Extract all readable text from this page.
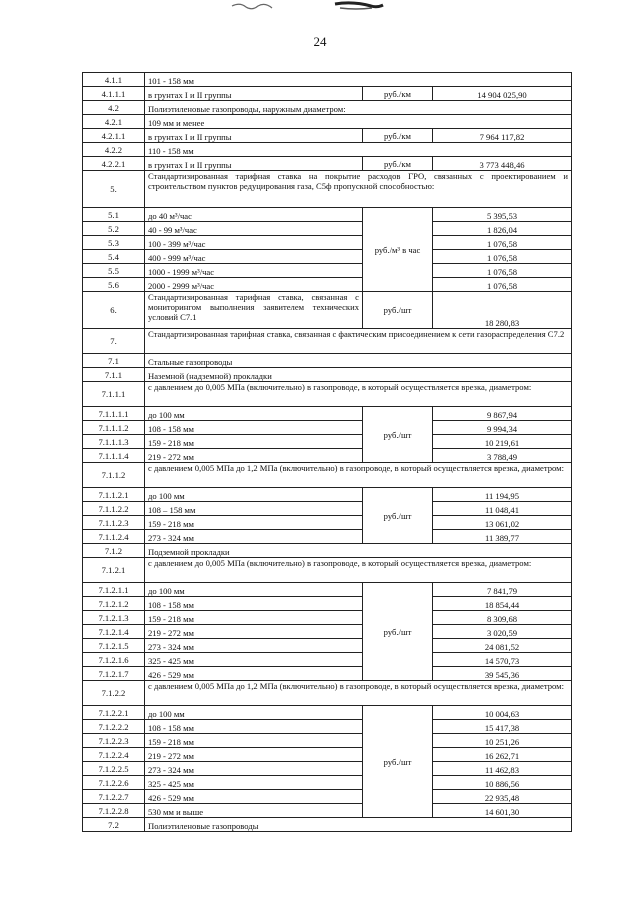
24
4.1.1	101 - 158 мм		
4.1.1.1	в грунтах I и II группы	руб./км	14 904 025,90
4.2	Полиэтиленовые газопроводы, наружным диаметром:		
4.2.1	109 мм и менее		
4.2.1.1	в грунтах I и II группы	руб./км	7 964 117,82
4.2.2	110 - 158 мм		
4.2.2.1	в грунтах I и II группы	руб./км	3 773 448,46
5.	Стандартизированная тарифная ставка на покрытие расходов ГРО, связанных с проектированием и строительством пунктов редуцирования газа, С5ф пропускной способностью:		
5.1	до 40 м³/час	руб./м³ в час	5 395,53
5.2	40 - 99 м³/час		1 826,04
5.3	100 - 399 м³/час		1 076,58
5.4	400 - 999 м³/час		1 076,58
5.5	1000 - 1999 м³/час		1 076,58
5.6	2000 - 2999 м³/час		1 076,58
6.	Стандартизированная тарифная ставка, связанная с мониторингом выполнения заявителем технических условий С7.1	руб./шт	18 280,83
7.	Стандартизированная тарифная ставка, связанная с фактическим присоединением к сети газораспределения С7.2		
7.1	Стальные газопроводы		
7.1.1	Наземной (надземной) прокладки		
7.1.1.1	с давлением до 0,005 МПа (включительно) в газопроводе, в который осуществляется врезка, диаметром:		
7.1.1.1.1	до 100 мм	руб./шт	9 867,94
7.1.1.1.2	108 - 158 мм		9 994,34
7.1.1.1.3	159 - 218 мм		10 219,61
7.1.1.1.4	219 - 272 мм		3 788,49
7.1.1.2	с давлением 0,005 МПа до 1,2 МПа (включительно) в газопроводе, в который осуществляется врезка, диаметром:		
7.1.1.2.1	до 100 мм	руб./шт	11 194,95
7.1.1.2.2	108 – 158 мм		11 048,41
7.1.1.2.3	159 - 218 мм		13 061,02
7.1.1.2.4	273 - 324 мм		11 389,77
7.1.2	Подземной прокладки		
7.1.2.1	с давлением до 0,005 МПа (включительно) в газопроводе, в который осуществляется врезка, диаметром:		
7.1.2.1.1	до 100 мм	руб./шт	7 841,79
7.1.2.1.2	108 - 158 мм		18 854,44
7.1.2.1.3	159 - 218 мм		8 309,68
7.1.2.1.4	219 - 272 мм		3 020,59
7.1.2.1.5	273 - 324 мм		24 081,52
7.1.2.1.6	325 - 425 мм		14 570,73
7.1.2.1.7	426 - 529 мм		39 545,36
7.1.2.2	с давлением 0,005 МПа до 1,2 МПа (включительно) в газопроводе, в который осуществляется врезка, диаметром:		
7.1.2.2.1	до 100 мм	руб./шт	10 004,63
7.1.2.2.2	108 - 158 мм		15 417,38
7.1.2.2.3	159 - 218 мм		10 251,26
7.1.2.2.4	219 - 272 мм		16 262,71
7.1.2.2.5	273 - 324 мм		11 462,83
7.1.2.2.6	325 - 425 мм		10 886,56
7.1.2.2.7	426 - 529 мм		22 935,48
7.1.2.2.8	530 мм и выше		14 601,30
7.2	Полиэтиленовые газопроводы		
